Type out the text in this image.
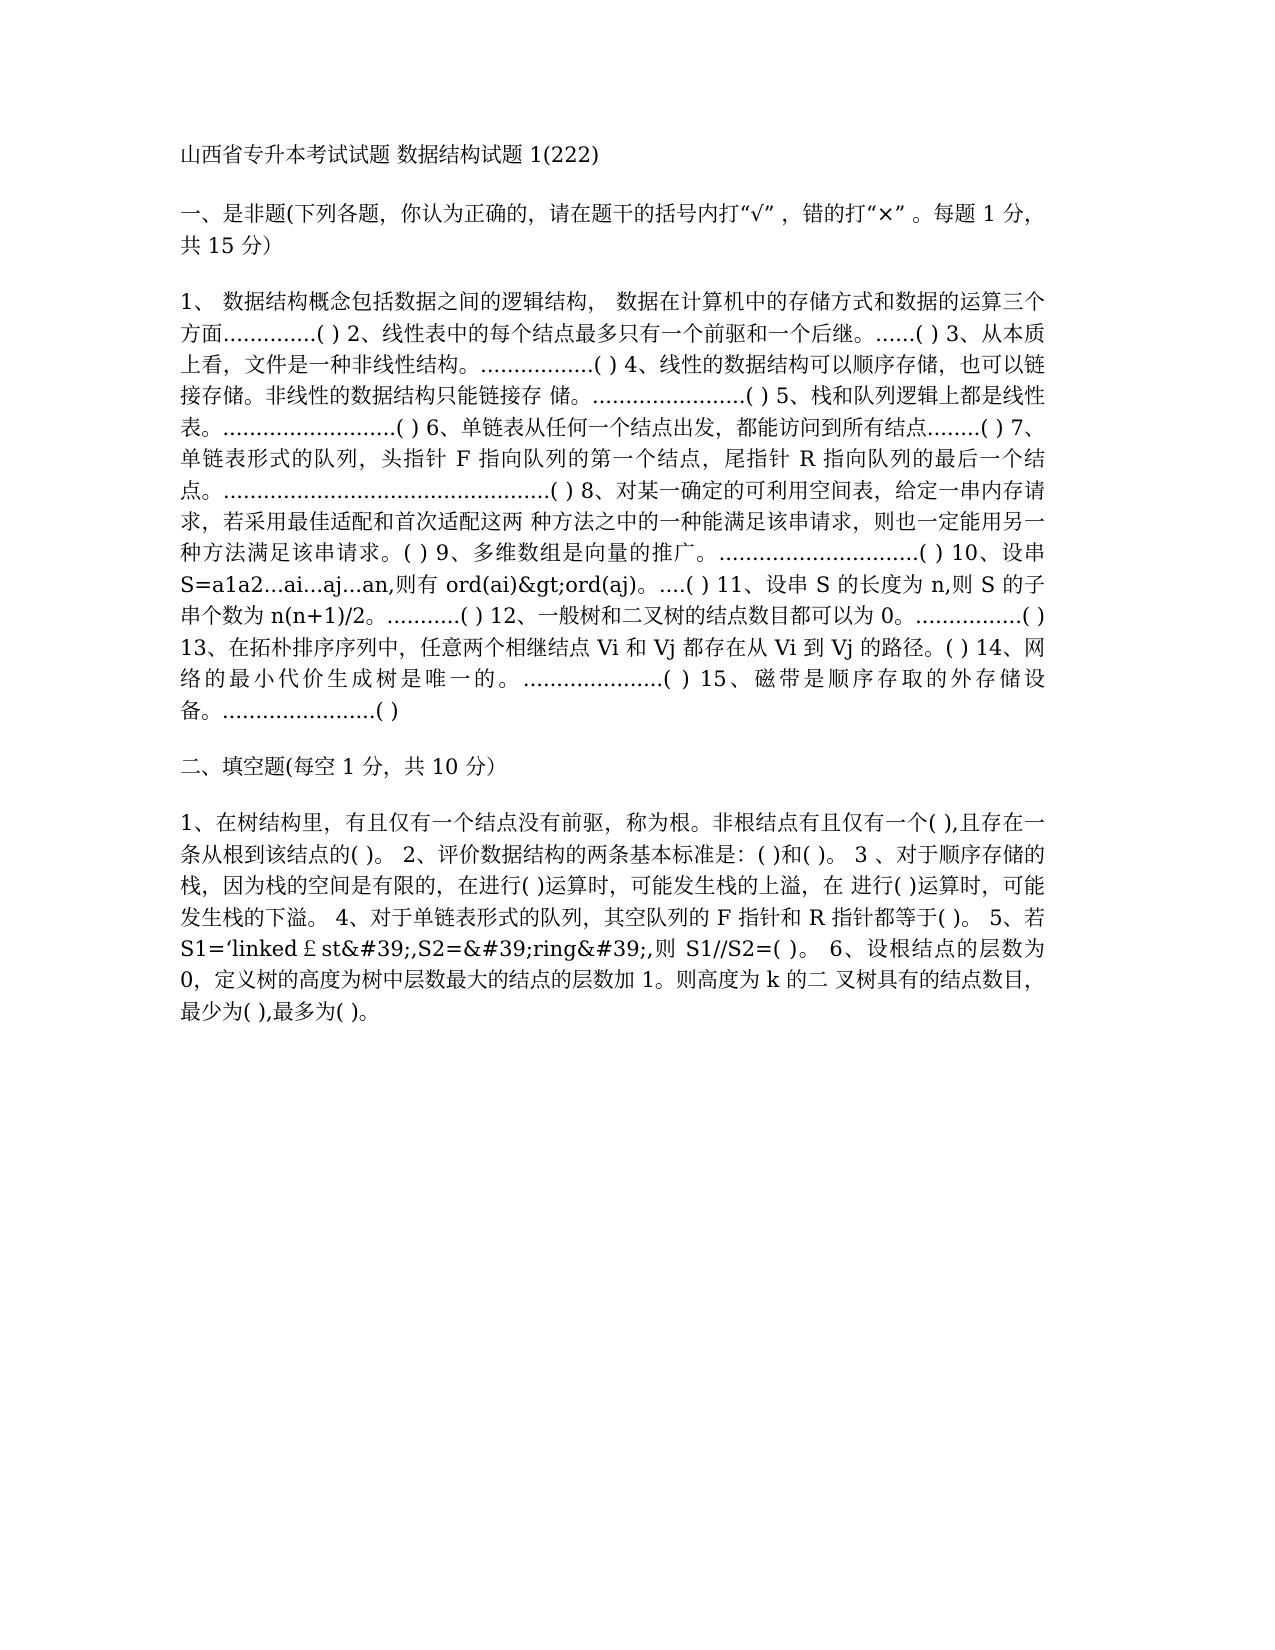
山西省专升本考试试题 数据结构试题 1(222)

一、是非题(下列各题，你认为正确的，请在题干的括号内打“√” ，错的打“×” 。每题 1 分，共 15 分）

1、 数据结构概念包括数据之间的逻辑结构， 数据在计算机中的存储方式和数据的运算三个 方面..............( ) 2、线性表中的每个结点最多只有一个前驱和一个后继。......( ) 3、从本质上看，文件是一种非线性结构。.................( ) 4、线性的数据结构可以顺序存储，也可以链接存储。非线性的数据结构只能链接存 储。.......................( ) 5、栈和队列逻辑上都是线性表。..........................( ) 6、单链表从任何一个结点出发，都能访问到所有结点........( ) 7、单链表形式的队列，头指针 F 指向队列的第一个结点，尾指针 R 指向队列的最后一个结 点。.................................................( ) 8、对某一确定的可利用空间表，给定一串内存请求，若采用最佳适配和首次适配这两 种方法之中的一种能满足该串请求，则也一定能用另一种方法满足该串请求。( ) 9、多维数组是向量的推广。..............................( ) 10、设串 S=a1a2...ai...aj...an,则有 ord(ai)&gt;ord(aj)。....( ) 11、设串 S 的长度为 n,则 S 的子串个数为 n(n+1)/2。...........( ) 12、一般树和二叉树的结点数目都可以为 0。................( ) 13、在拓朴排序序列中，任意两个相继结点 Vi 和 Vj 都存在从 Vi 到 Vj 的路径。( ) 14、网络的最小代价生成树是唯一的。.....................( ) 15、磁带是顺序存取的外存储设备。.......................( )

二、填空题(每空 1 分，共 10 分）

1、在树结构里，有且仅有一个结点没有前驱，称为根。非根结点有且仅有一个( ),且存在一 条从根到该结点的( )。 2、评价数据结构的两条基本标准是：( )和( )。 3 、对于顺序存储的栈，因为栈的空间是有限的，在进行( )运算时，可能发生栈的上溢，在 进行( )运算时，可能发生栈的下溢。 4、对于单链表形式的队列，其空队列的 F 指针和 R 指针都等于( )。 5、若 S1=‘linked￡st&#39;,S2=&#39;ring&#39;,则 S1//S2=( )。 6、设根结点的层数为 0，定义树的高度为树中层数最大的结点的层数加 1。则高度为 k 的二 叉树具有的结点数目，最少为( ),最多为( )。
